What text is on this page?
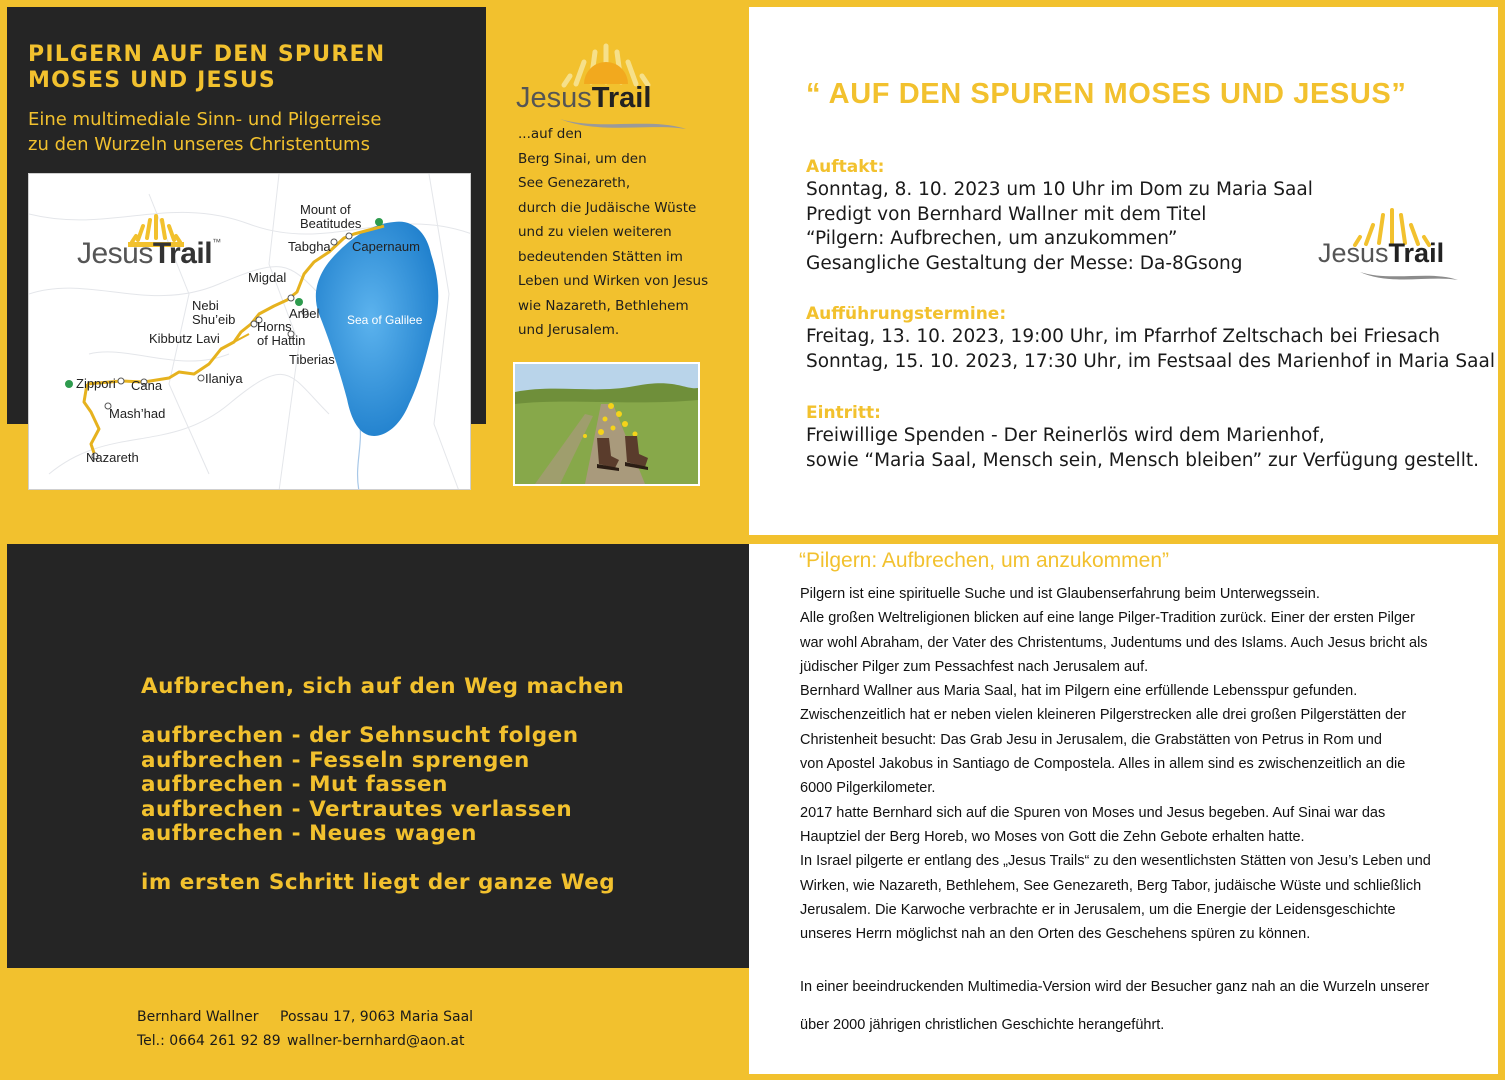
PILGERN AUF DEN SPUREN
MOSES UND JESUS
Eine multimediale Sinn- und Pilgerreise
zu den Wurzeln unseres Christentums
JesusTrail™
Sea of Galilee
Mount of
Beatitudes
Tabgha Capernaum
Migdal
Nebi
Shu’eib	Arbel
Horns
of Hattin
Kibbutz Lavi
Tiberias
Ilaniya
Zippori Cana
Mash’had
Nazareth
JesusTrail
...auf den
Berg Sinai, um den
See Genezareth,
durch die Judäische Wüste
und zu vielen weiteren
bedeutenden Stätten im
Leben und Wirken von Jesus
wie Nazareth, Bethlehem
und Jerusalem.
“ AUF DEN SPUREN MOSES UND JESUS”

Auftakt:

Sonntag, 8. 10. 2023 um 10 Uhr im Dom zu Maria Saal

Predigt von Bernhard Wallner mit dem Titel

“Pilgern: Aufbrechen, um anzukommen”

Gesangliche Gestaltung der Messe: Da-8Gsong

Aufführungstermine:

Freitag, 13. 10. 2023, 19:00 Uhr, im Pfarrhof Zeltschach bei Friesach

Sonntag, 15. 10. 2023, 17:30 Uhr, im Festsaal des Marienhof in Maria Saal

Eintritt:

Freiwillige Spenden - Der Reinerlös wird dem Marienhof,

sowie “Maria Saal, Mensch sein, Mensch bleiben” zur Verfügung gestellt.

JesusTrail

Aufbrechen, sich auf den Weg machen

aufbrechen - der Sehnsucht folgen

aufbrechen - Fesseln sprengen

aufbrechen - Mut fassen

aufbrechen - Vertrautes verlassen

aufbrechen - Neues wagen

im ersten Schritt liegt der ganze Weg

Bernhard Wallner Possau 17, 9063 Maria Saal

Tel.: 0664 261 92 89 wallner-bernhard@aon.at

“Pilgern: Aufbrechen, um anzukommen”

Pilgern ist eine spirituelle Suche und ist Glaubenserfahrung beim Unterwegssein.

Alle großen Weltreligionen blicken auf eine lange Pilger-Tradition zurück. Einer der ersten Pilger

war wohl Abraham, der Vater des Christentums, Judentums und des Islams. Auch Jesus bricht als

jüdischer Pilger zum Pessachfest nach Jerusalem auf.

Bernhard Wallner aus Maria Saal, hat im Pilgern eine erfüllende Lebensspur gefunden.

Zwischenzeitlich hat er neben vielen kleineren Pilgerstrecken alle drei großen Pilgerstätten der

Christenheit besucht: Das Grab Jesu in Jerusalem, die Grabstätten von Petrus in Rom und

von Apostel Jakobus in Santiago de Compostela. Alles in allem sind es zwischenzeitlich an die

6000 Pilgerkilometer.

2017 hatte Bernhard sich auf die Spuren von Moses und Jesus begeben. Auf Sinai war das

Hauptziel der Berg Horeb, wo Moses von Gott die Zehn Gebote erhalten hatte.

In Israel pilgerte er entlang des „Jesus Trails“ zu den wesentlichsten Stätten von Jesu’s Leben und

Wirken, wie Nazareth, Bethlehem, See Genezareth, Berg Tabor, judäische Wüste und schließlich

Jerusalem. Die Karwoche verbrachte er in Jerusalem, um die Energie der Leidensgeschichte

unseres Herrn möglichst nah an den Orten des Geschehens spüren zu können.

In einer beeindruckenden Multimedia-Version wird der Besucher ganz nah an die Wurzeln unserer

über 2000 jährigen christlichen Geschichte herangeführt.
